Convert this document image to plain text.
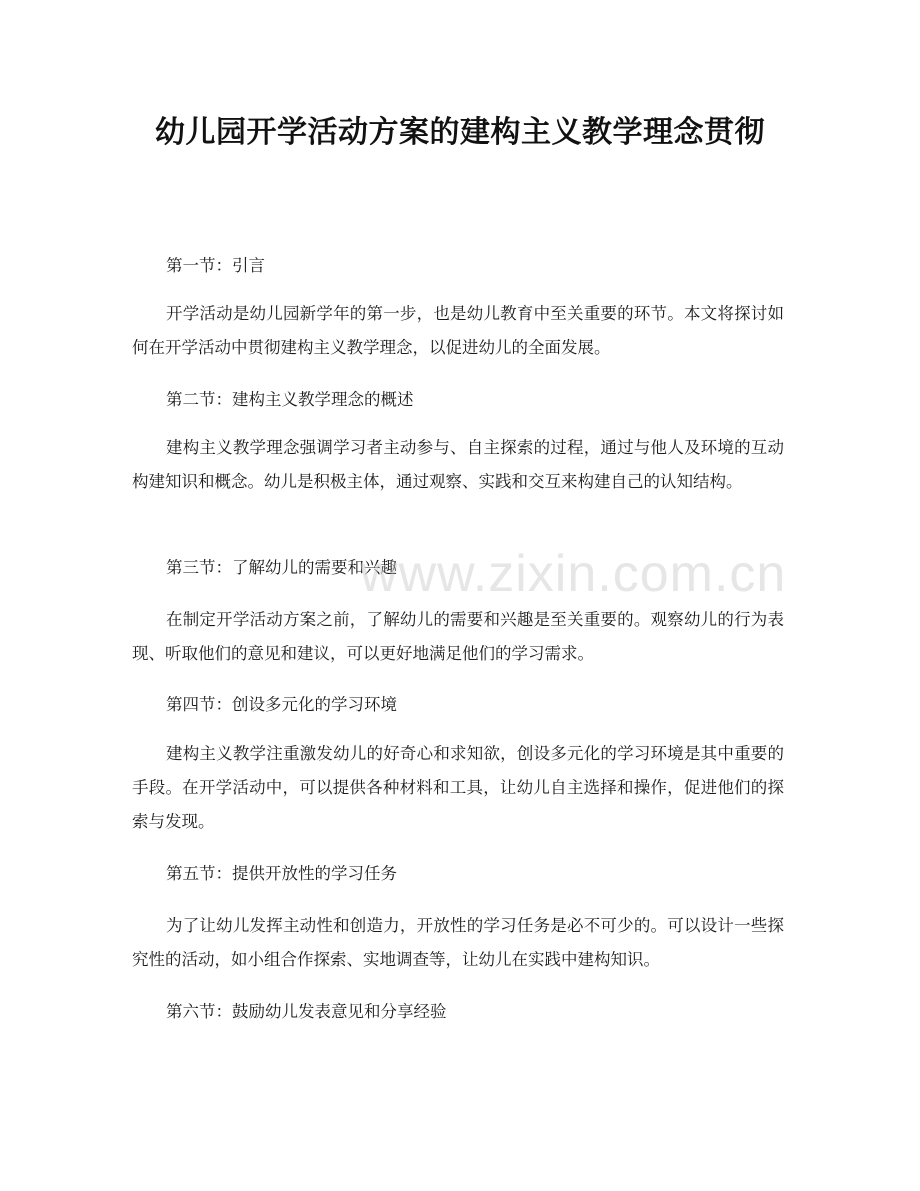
幼儿园开学活动方案的建构主义教学理念贯彻

第一节：引言

开学活动是幼儿园新学年的第一步，也是幼儿教育中至关重要的环节。本文将探讨如何在开学活动中贯彻建构主义教学理念，以促进幼儿的全面发展。

第二节：建构主义教学理念的概述

建构主义教学理念强调学习者主动参与、自主探索的过程，通过与他人及环境的互动构建知识和概念。幼儿是积极主体，通过观察、实践和交互来构建自己的认知结构。

第三节：了解幼儿的需要和兴趣

在制定开学活动方案之前，了解幼儿的需要和兴趣是至关重要的。观察幼儿的行为表现、听取他们的意见和建议，可以更好地满足他们的学习需求。

第四节：创设多元化的学习环境

建构主义教学注重激发幼儿的好奇心和求知欲，创设多元化的学习环境是其中重要的手段。在开学活动中，可以提供各种材料和工具，让幼儿自主选择和操作，促进他们的探索与发现。

第五节：提供开放性的学习任务

为了让幼儿发挥主动性和创造力，开放性的学习任务是必不可少的。可以设计一些探究性的活动，如小组合作探索、实地调查等，让幼儿在实践中建构知识。

第六节：鼓励幼儿发表意见和分享经验

www.zixin.com.cn
